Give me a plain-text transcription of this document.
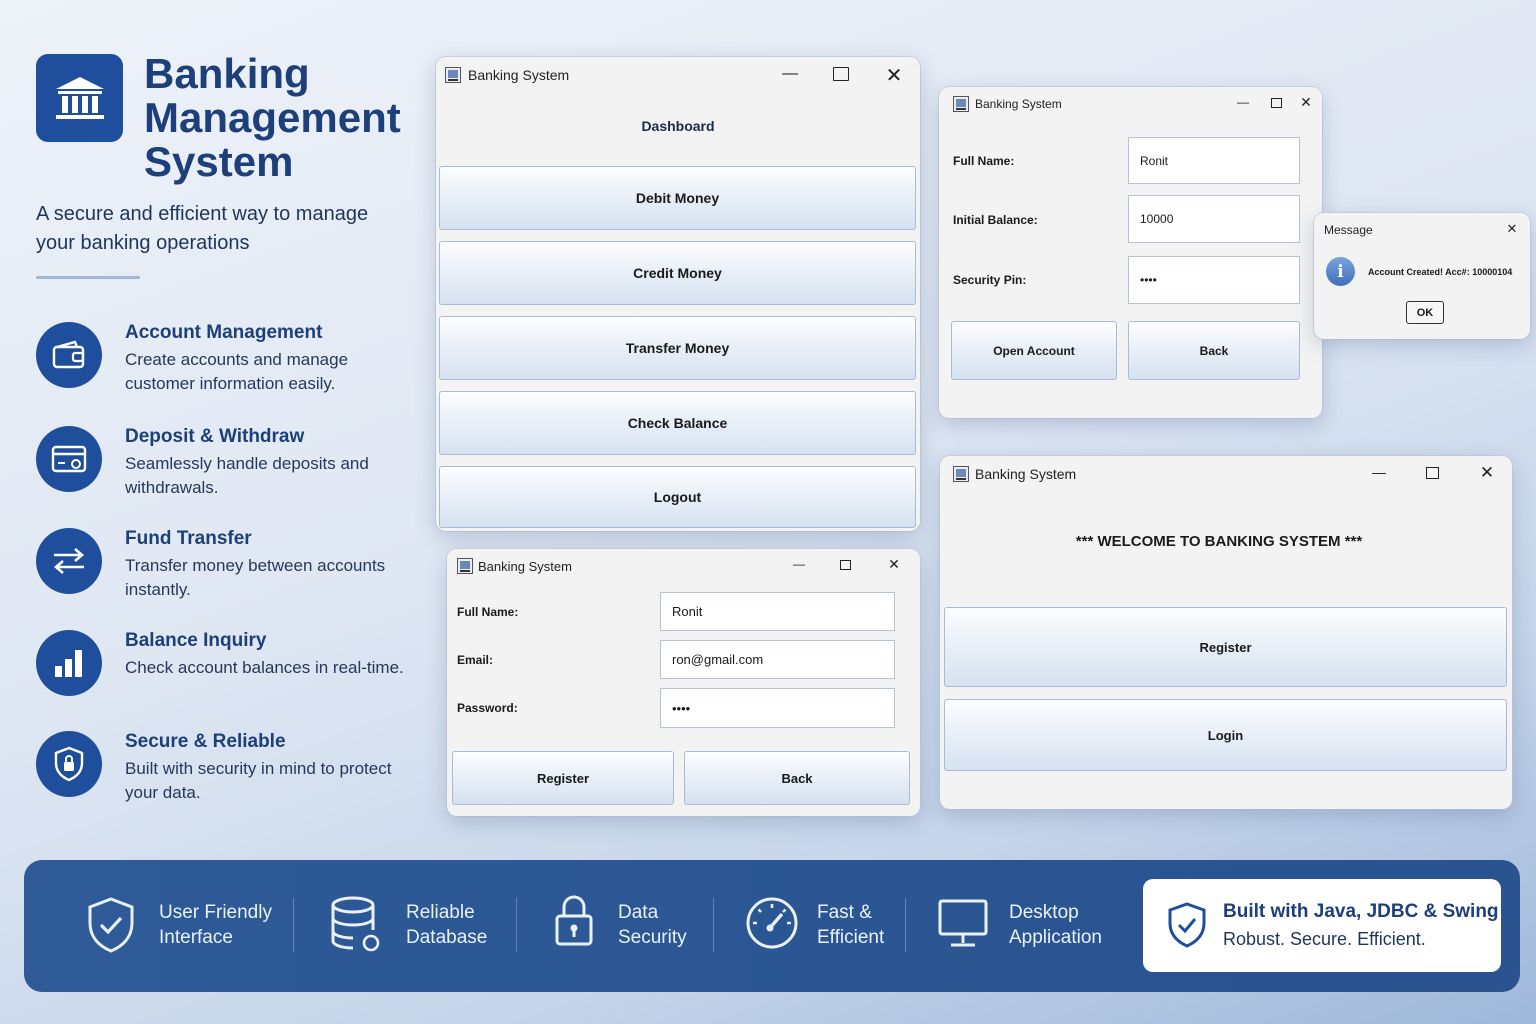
Banking
Management
System
A secure and efficient way to manage your banking operations
Account Management
Create accounts and manage customer information easily.
Deposit & Withdraw
Seamlessly handle deposits and withdrawals.
Fund Transfer
Transfer money between accounts instantly.
Balance Inquiry
Check account balances in real-time.
Secure & Reliable
Built with security in mind to protect your data.
Banking System	—	✕
Dashboard
Debit Money
Credit Money
Transfer Money
Check Balance
Logout
Banking System	—	✕
Full Name:	Ronit
Initial Balance:	10000
Security Pin:	••••
Open Account	Back
Message	✕
i	Account Created! Acc#: 10000104
OK
Banking System	—	✕
Full Name:	Ronit
Email:	ron@gmail.com
Password:	••••
Register	Back
Banking System	—	✕
*** WELCOME TO BANKING SYSTEM ***
Register
Login
User Friendly
Interface
Reliable
Database
Data
Security
Fast &
Efficient
Desktop
Application
Built with Java, JDBC & Swing
Robust. Secure. Efficient.
